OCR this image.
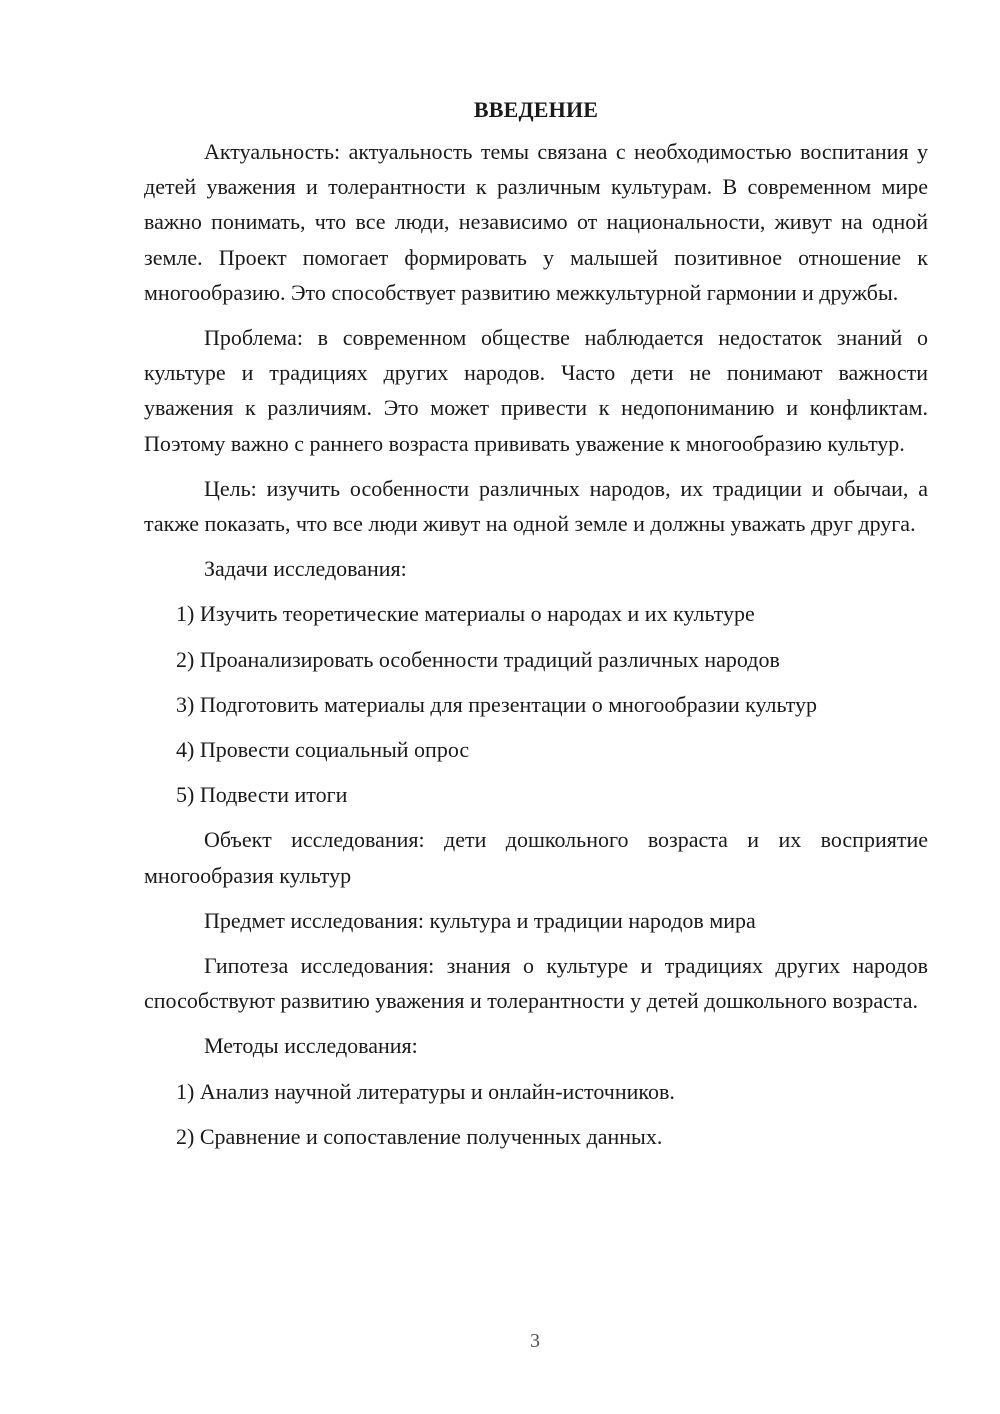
ВВЕДЕНИЕ

Актуальность: актуальность темы связана с необходимостью воспитания у детей уважения и толерантности к различным культурам. В современном мире важно понимать, что все люди, независимо от национальности, живут на одной земле. Проект помогает формировать у малышей позитивное отношение к многообразию. Это способствует развитию межкультурной гармонии и дружбы.

Проблема: в современном обществе наблюдается недостаток знаний о культуре и традициях других народов. Часто дети не понимают важности уважения к различиям. Это может привести к недопониманию и конфликтам. Поэтому важно с раннего возраста прививать уважение к многообразию культур.

Цель: изучить особенности различных народов, их традиции и обычаи, а также показать, что все люди живут на одной земле и должны уважать друг друга.

Задачи исследования:

1) Изучить теоретические материалы о народах и их культуре

2) Проанализировать особенности традиций различных народов

3) Подготовить материалы для презентации о многообразии культур

4) Провести социальный опрос

5) Подвести итоги

Объект исследования: дети дошкольного возраста и их восприятие многообразия культур

Предмет исследования: культура и традиции народов мира

Гипотеза исследования: знания о культуре и традициях других народов способствуют развитию уважения и толерантности у детей дошкольного возраста.

Методы исследования:

1) Анализ научной литературы и онлайн-источников.

2) Сравнение и сопоставление полученных данных.

3
